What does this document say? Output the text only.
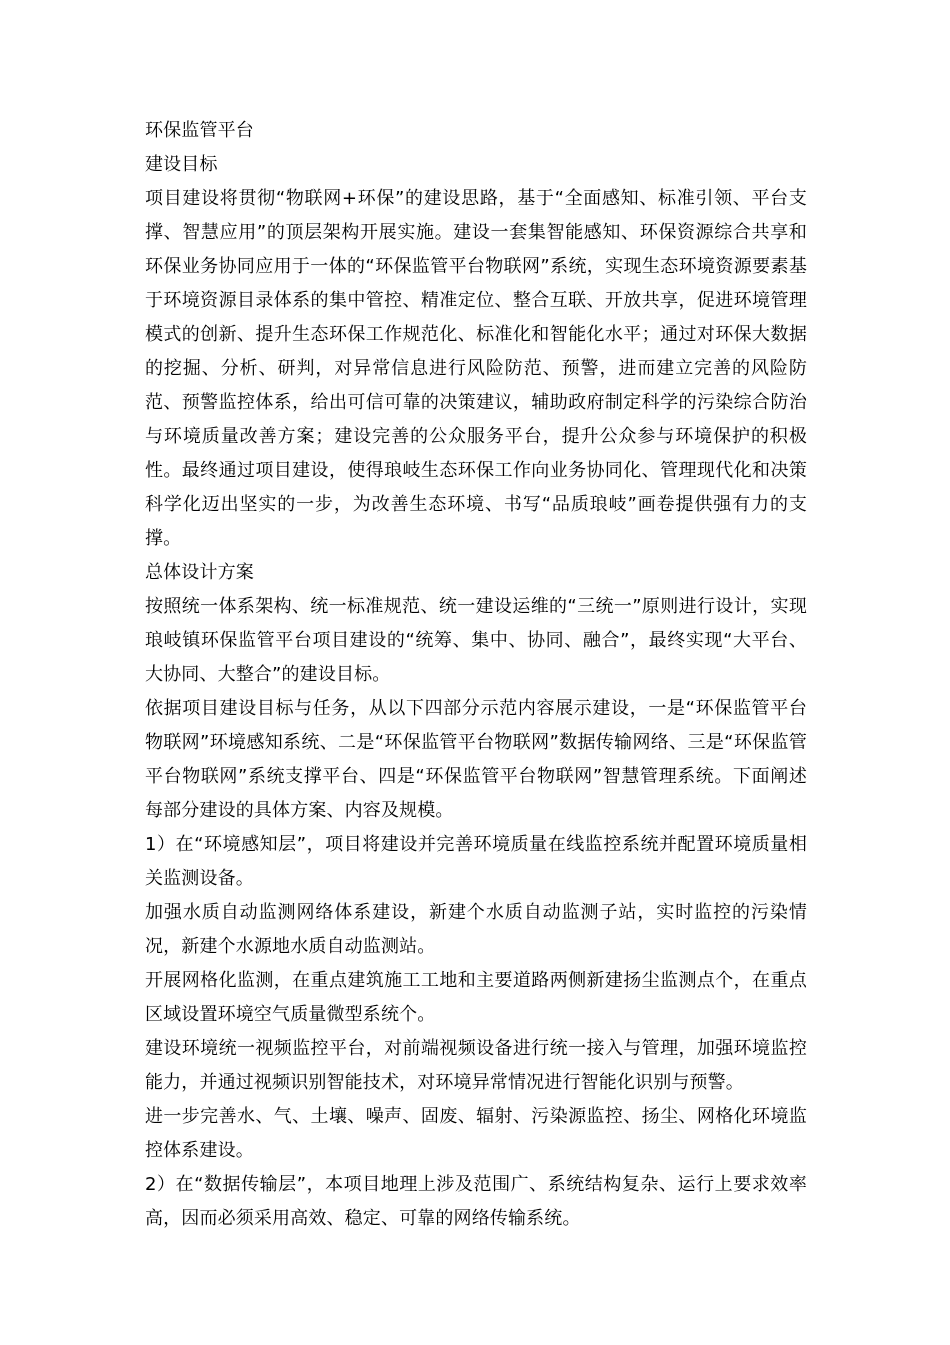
环保监管平台

建设目标

项目建设将贯彻“物联网+环保”的建设思路，基于“全面感知、标准引领、平台支撑、智慧应用”的顶层架构开展实施。建设一套集智能感知、环保资源综合共享和环保业务协同应用于一体的“环保监管平台物联网”系统，实现生态环境资源要素基于环境资源目录体系的集中管控、精准定位、整合互联、开放共享，促进环境管理模式的创新、提升生态环保工作规范化、标准化和智能化水平；通过对环保大数据的挖掘、分析、研判，对异常信息进行风险防范、预警，进而建立完善的风险防范、预警监控体系，给出可信可靠的决策建议，辅助政府制定科学的污染综合防治与环境质量改善方案；建设完善的公众服务平台，提升公众参与环境保护的积极性。最终通过项目建设，使得琅岐生态环保工作向业务协同化、管理现代化和决策科学化迈出坚实的一步，为改善生态环境、书写“品质琅岐”画卷提供强有力的支撑。

总体设计方案

按照统一体系架构、统一标准规范、统一建设运维的“三统一”原则进行设计，实现琅岐镇环保监管平台项目建设的“统筹、集中、协同、融合”，最终实现“大平台、大协同、大整合”的建设目标。

依据项目建设目标与任务，从以下四部分示范内容展示建设，一是“环保监管平台物联网”环境感知系统、二是“环保监管平台物联网”数据传输网络、三是“环保监管平台物联网”系统支撑平台、四是“环保监管平台物联网”智慧管理系统。下面阐述每部分建设的具体方案、内容及规模。

1）在“环境感知层”，项目将建设并完善环境质量在线监控系统并配置环境质量相关监测设备。

加强水质自动监测网络体系建设，新建个水质自动监测子站，实时监控的污染情况，新建个水源地水质自动监测站。

开展网格化监测，在重点建筑施工工地和主要道路两侧新建扬尘监测点个，在重点区域设置环境空气质量微型系统个。

建设环境统一视频监控平台，对前端视频设备进行统一接入与管理，加强环境监控能力，并通过视频识别智能技术，对环境异常情况进行智能化识别与预警。

进一步完善水、气、土壤、噪声、固废、辐射、污染源监控、扬尘、网格化环境监控体系建设。

2）在“数据传输层”，本项目地理上涉及范围广、系统结构复杂、运行上要求效率高，因而必须采用高效、稳定、可靠的网络传输系统。
